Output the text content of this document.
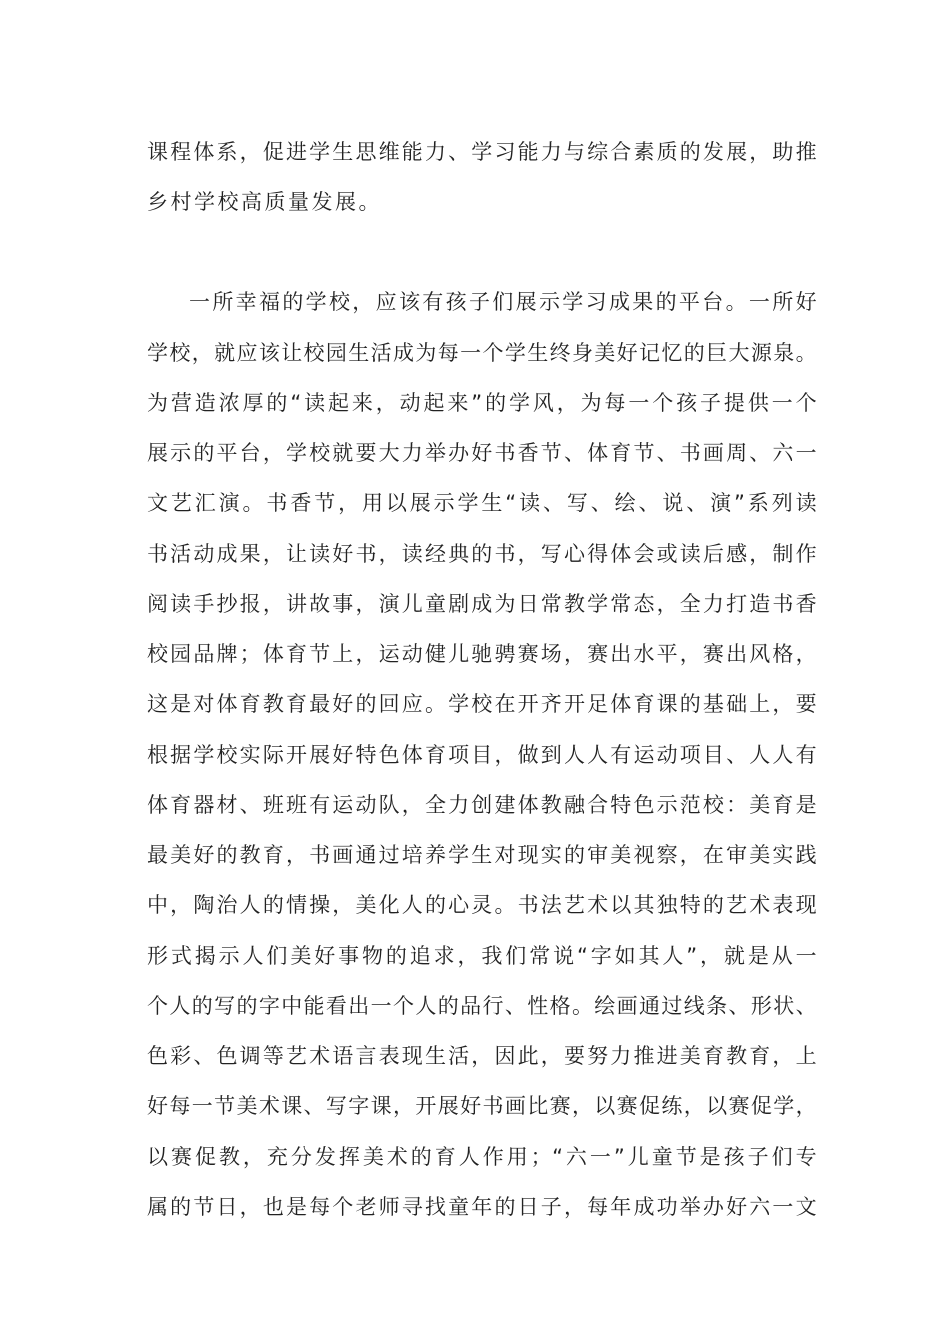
课程体系，促进学生思维能力、学习能力与综合素质的发展，助推
乡村学校高质量发展。
一所幸福的学校，应该有孩子们展示学习成果的平台。一所好
学校，就应该让校园生活成为每一个学生终身美好记忆的巨大源泉。
为营造浓厚的“读起来，动起来”的学风，为每一个孩子提供一个
展示的平台，学校就要大力举办好书香节、体育节、书画周、六一
文艺汇演。书香节，用以展示学生“读、写、绘、说、演”系列读
书活动成果，让读好书，读经典的书，写心得体会或读后感，制作
阅读手抄报，讲故事，演儿童剧成为日常教学常态，全力打造书香
校园品牌；体育节上，运动健儿驰骋赛场，赛出水平，赛出风格，
这是对体育教育最好的回应。学校在开齐开足体育课的基础上，要
根据学校实际开展好特色体育项目，做到人人有运动项目、人人有
体育器材、班班有运动队，全力创建体教融合特色示范校：美育是
最美好的教育，书画通过培养学生对现实的审美视察，在审美实践
中，陶治人的情操，美化人的心灵。书法艺术以其独特的艺术表现
形式揭示人们美好事物的追求，我们常说“字如其人”，就是从一
个人的写的字中能看出一个人的品行、性格。绘画通过线条、形状、
色彩、色调等艺术语言表现生活，因此，要努力推进美育教育，上
好每一节美术课、写字课，开展好书画比赛，以赛促练，以赛促学，
以赛促教，充分发挥美术的育人作用；“六一”儿童节是孩子们专
属的节日，也是每个老师寻找童年的日子，每年成功举办好六一文
